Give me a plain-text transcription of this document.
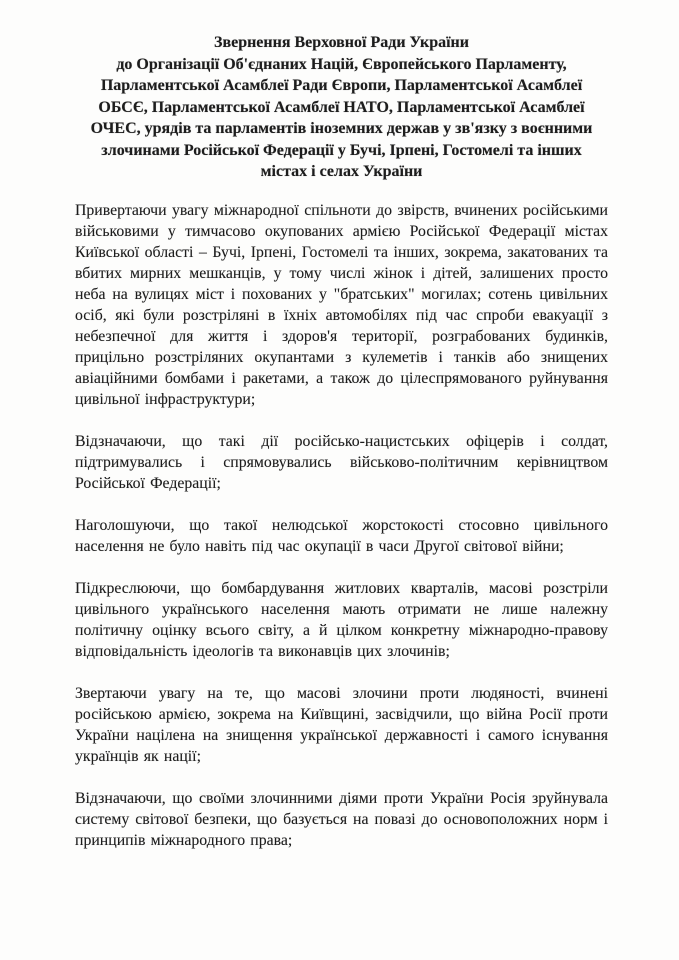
Звернення Верховної Ради України
до Організації Об'єднаних Націй, Європейського Парламенту,
Парламентської Асамблеї Ради Європи, Парламентської Асамблеї
ОБСЄ, Парламентської Асамблеї НАТО, Парламентської Асамблеї
ОЧЕС, урядів та парламентів іноземних держав у зв'язку з воєнними
злочинами Російської Федерації у Бучі, Ірпені, Гостомелі та інших
містах і селах України

Привертаючи увагу міжнародної спільноти до звірств, вчинених російськими військовими у тимчасово окупованих армією Російської Федерації містах Київської області – Бучі, Ірпені, Гостомелі та інших, зокрема, закатованих та вбитих мирних мешканців, у тому числі жінок і дітей, залишених просто неба на вулицях міст і похованих у "братських" могилах; сотень цивільних осіб, які були розстріляні в їхніх автомобілях під час спроби евакуації з небезпечної для життя і здоров'я території, розграбованих будинків, прицільно розстріляних окупантами з кулеметів і танків або знищених авіаційними бомбами і ракетами, а також до цілеспрямованого руйнування цивільної інфраструктури;

Відзначаючи, що такі дії російсько-нацистських офіцерів і солдат, підтримувались і спрямовувались військово-політичним керівництвом Російської Федерації;

Наголошуючи, що такої нелюдської жорстокості стосовно цивільного населення не було навіть під час окупації в часи Другої світової війни;

Підкреслюючи, що бомбардування житлових кварталів, масові розстріли цивільного українського населення мають отримати не лише належну політичну оцінку всього світу, а й цілком конкретну міжнародно-правову відповідальність ідеологів та виконавців цих злочинів;

Звертаючи увагу на те, що масові злочини проти людяності, вчинені російською армією, зокрема на Київщині, засвідчили, що війна Росії проти України націлена на знищення української державності і самого існування українців як нації;

Відзначаючи, що своїми злочинними діями проти України Росія зруйнувала систему світової безпеки, що базується на повазі до основоположних норм і принципів міжнародного права;
